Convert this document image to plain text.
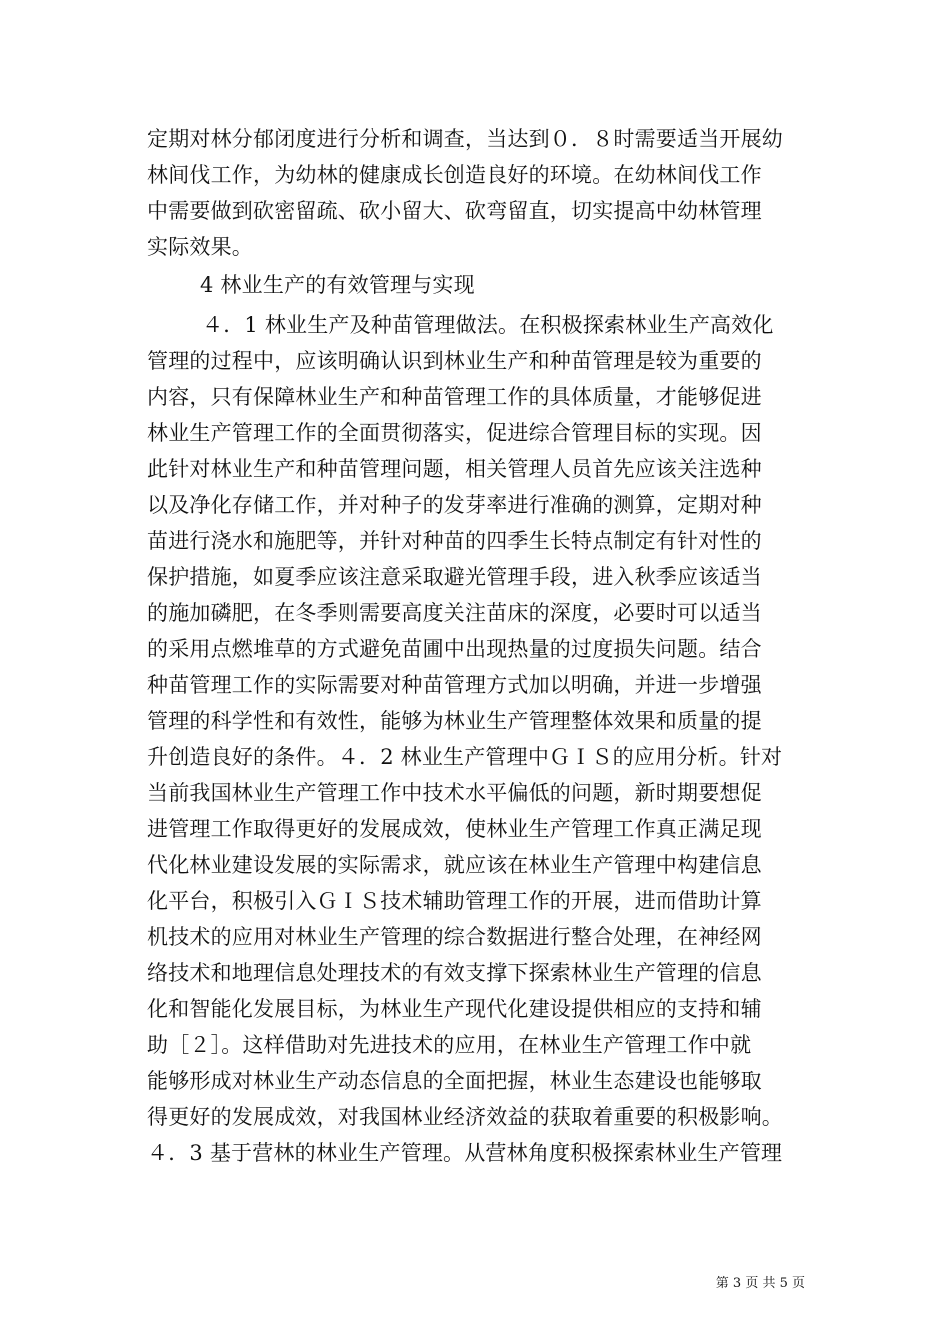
定期对林分郁闭度进行分析和调查，当达到０．８时需要适当开展幼
林间伐工作，为幼林的健康成长创造良好的环境。在幼林间伐工作
中需要做到砍密留疏、砍小留大、砍弯留直，切实提高中幼林管理
实际效果。
4 林业生产的有效管理与实现
４．1 林业生产及种苗管理做法。在积极探索林业生产高效化
管理的过程中，应该明确认识到林业生产和种苗管理是较为重要的
内容，只有保障林业生产和种苗管理工作的具体质量，才能够促进
林业生产管理工作的全面贯彻落实，促进综合管理目标的实现。因
此针对林业生产和种苗管理问题，相关管理人员首先应该关注选种
以及净化存储工作，并对种子的发芽率进行准确的测算，定期对种
苗进行浇水和施肥等，并针对种苗的四季生长特点制定有针对性的
保护措施，如夏季应该注意采取避光管理手段，进入秋季应该适当
的施加磷肥，在冬季则需要高度关注苗床的深度，必要时可以适当
的采用点燃堆草的方式避免苗圃中出现热量的过度损失问题。结合
种苗管理工作的实际需要对种苗管理方式加以明确，并进一步增强
管理的科学性和有效性，能够为林业生产管理整体效果和质量的提
升创造良好的条件。４．2 林业生产管理中ＧＩＳ的应用分析。针对
当前我国林业生产管理工作中技术水平偏低的问题，新时期要想促
进管理工作取得更好的发展成效，使林业生产管理工作真正满足现
代化林业建设发展的实际需求，就应该在林业生产管理中构建信息
化平台，积极引入ＧＩＳ技术辅助管理工作的开展，进而借助计算
机技术的应用对林业生产管理的综合数据进行整合处理，在神经网
络技术和地理信息处理技术的有效支撑下探索林业生产管理的信息
化和智能化发展目标，为林业生产现代化建设提供相应的支持和辅
助［２］。这样借助对先进技术的应用，在林业生产管理工作中就
能够形成对林业生产动态信息的全面把握，林业生态建设也能够取
得更好的发展成效，对我国林业经济效益的获取着重要的积极影响。
４．3 基于营林的林业生产管理。从营林角度积极探索林业生产管理
第 3 页 共 5 页
